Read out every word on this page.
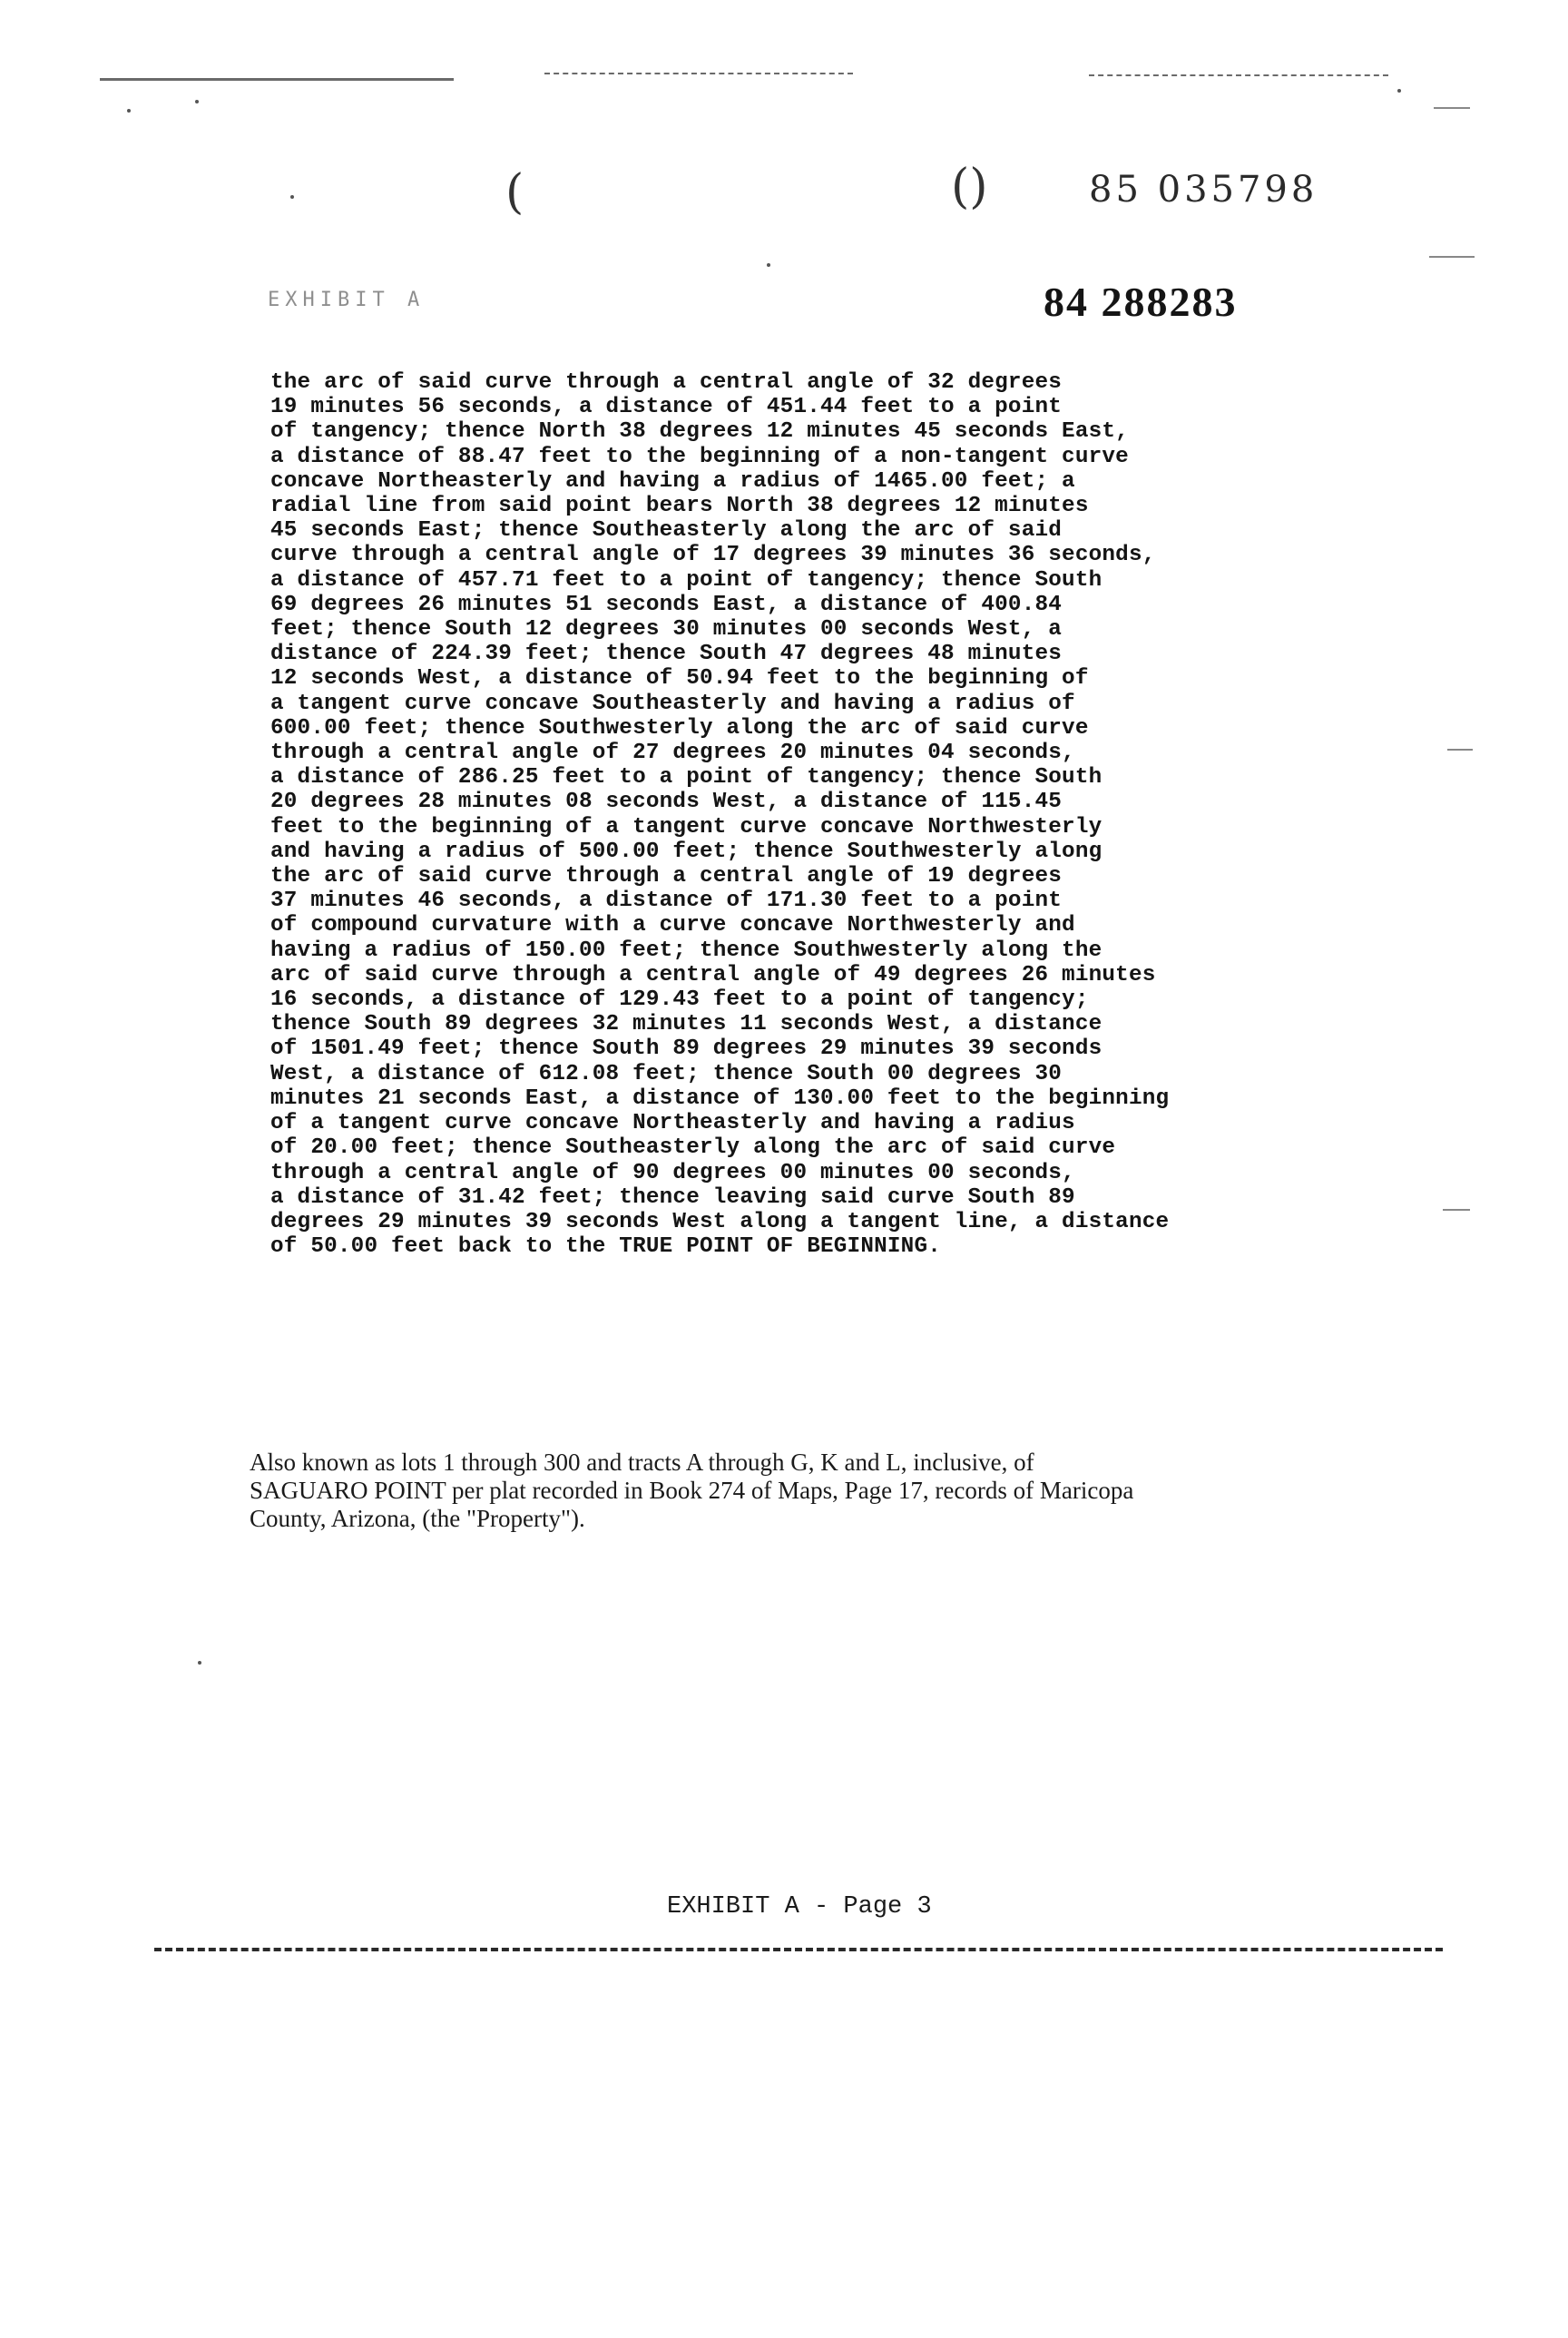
(	()	85 035798
EXHIBIT A	84 288283
the arc of said curve through a central angle of 32 degrees
19 minutes 56 seconds, a distance of 451.44 feet to a point
of tangency; thence North 38 degrees 12 minutes 45 seconds East,
a distance of 88.47 feet to the beginning of a non-tangent curve
concave Northeasterly and having a radius of 1465.00 feet; a
radial line from said point bears North 38 degrees 12 minutes
45 seconds East; thence Southeasterly along the arc of said
curve through a central angle of 17 degrees 39 minutes 36 seconds,
a distance of 457.71 feet to a point of tangency; thence South
69 degrees 26 minutes 51 seconds East, a distance of 400.84
feet; thence South 12 degrees 30 minutes 00 seconds West, a
distance of 224.39 feet; thence South 47 degrees 48 minutes
12 seconds West, a distance of 50.94 feet to the beginning of
a tangent curve concave Southeasterly and having a radius of
600.00 feet; thence Southwesterly along the arc of said curve
through a central angle of 27 degrees 20 minutes 04 seconds,
a distance of 286.25 feet to a point of tangency; thence South
20 degrees 28 minutes 08 seconds West, a distance of 115.45
feet to the beginning of a tangent curve concave Northwesterly
and having a radius of 500.00 feet; thence Southwesterly along
the arc of said curve through a central angle of 19 degrees
37 minutes 46 seconds, a distance of 171.30 feet to a point
of compound curvature with a curve concave Northwesterly and
having a radius of 150.00 feet; thence Southwesterly along the
arc of said curve through a central angle of 49 degrees 26 minutes
16 seconds, a distance of 129.43 feet to a point of tangency;
thence South 89 degrees 32 minutes 11 seconds West, a distance
of 1501.49 feet; thence South 89 degrees 29 minutes 39 seconds
West, a distance of 612.08 feet; thence South 00 degrees 30
minutes 21 seconds East, a distance of 130.00 feet to the beginning
of a tangent curve concave Northeasterly and having a radius
of 20.00 feet; thence Southeasterly along the arc of said curve
through a central angle of 90 degrees 00 minutes 00 seconds,
a distance of 31.42 feet; thence leaving said curve South 89
degrees 29 minutes 39 seconds West along a tangent line, a distance
of 50.00 feet back to the TRUE POINT OF BEGINNING.
Also known as lots 1 through 300 and tracts A through G, K and L, inclusive, of
SAGUARO POINT per plat recorded in Book 274 of Maps, Page 17, records of Maricopa
County, Arizona, (the "Property").
EXHIBIT A - Page 3
